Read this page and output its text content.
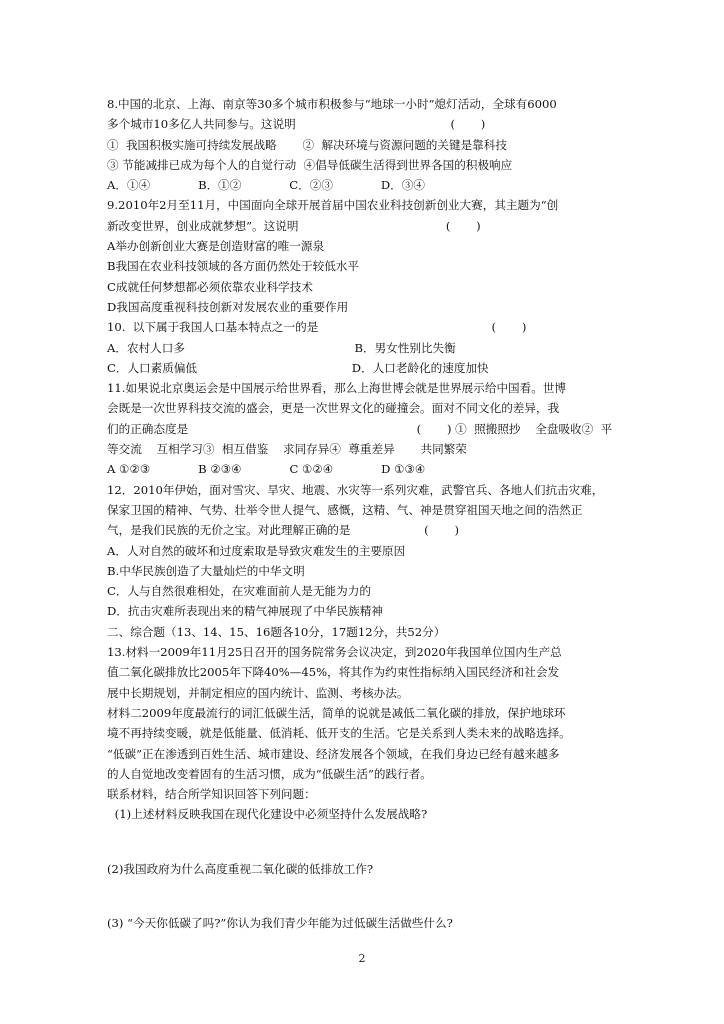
8.中国的北京、上海、南京等30多个城市积极参与“地球一小时”熄灯活动，全球有6000
多个城市10多亿人共同参与。这说明                                          (       )
①  我国积极实施可持续发展战略       ②  解决环境与资源问题的关键是靠科技
③ 节能减排已成为每个人的自觉行动  ④倡导低碳生活得到世界各国的积极响应
A．①④             B．①②             C．②③             D．③④
9.2010年2月至11月，中国面向全球开展首届中国农业科技创新创业大赛，其主题为“创
新改变世界，创业成就梦想”。这说明                                        (       )
A举办创新创业大赛是创造财富的唯一源泉
B我国在农业科技领域的各方面仍然处于较低水平
C成就任何梦想都必须依靠农业科学技术
D我国高度重视科技创新对发展农业的重要作用
10.  以下属于我国人口基本特点之一的是                                               (       )
A．农村人口多                                              B．男女性别比失衡
C．人口素质偏低                                          D．人口老龄化的速度加快
11.如果说北京奥运会是中国展示给世界看，那么上海世博会就是世界展示给中国看。世博
会既是一次世界科技交流的盛会，更是一次世界文化的碰撞会。面对不同文化的差异，我
们的正确态度是                                                              (       ) ①  照搬照抄    全盘吸收②  平
等交流    互相学习③  相互借鉴    求同存异④  尊重差异       共同繁荣
A ①②③             B ②③④             C ①②④             D ①③④
12．2010年伊始，面对雪灾、旱灾、地震、水灾等一系列灾难，武警官兵、各地人们抗击灾难，
保家卫国的精神、气势、壮举令世人提气、感慨，这精、气、神是贯穿祖国天地之间的浩然正
气，是我们民族的无价之宝。对此理解正确的是                    (       )
A．人对自然的破坏和过度索取是导致灾难发生的主要原因
B.中华民族创造了大量灿烂的中华文明
C．人与自然很难相处，在灾难面前人是无能为力的
D．抗击灾难所表现出来的精气神展现了中华民族精神
二、综合题（13、14、15、16题各10分，17题12分，共52分）
13.材料一2009年11月25日召开的国务院常务会议决定，到2020年我国单位国内生产总
值二氧化碳排放比2005年下降40%—45%，将其作为约束性指标纳入国民经济和社会发
展中长期规划，并制定相应的国内统计、监测、考核办法。
材料二2009年度最流行的词汇低碳生活，简单的说就是减低二氧化碳的排放，保护地球环
境不再持续变暖，就是低能量、低消耗、低开支的生活。它是关系到人类未来的战略选择。
“低碳”正在渗透到百姓生活、城市建设、经济发展各个领域，在我们身边已经有越来越多
的人自觉地改变着固有的生活习惯，成为“低碳生活”的践行者。
联系材料，结合所学知识回答下列问题：
(1)上述材料反映我国在现代化建设中必须坚持什么发展战略?
(2)我国政府为什么高度重视二氧化碳的低排放工作?
(3) “今天你低碳了吗?”你认为我们青少年能为过低碳生活做些什么?
2
